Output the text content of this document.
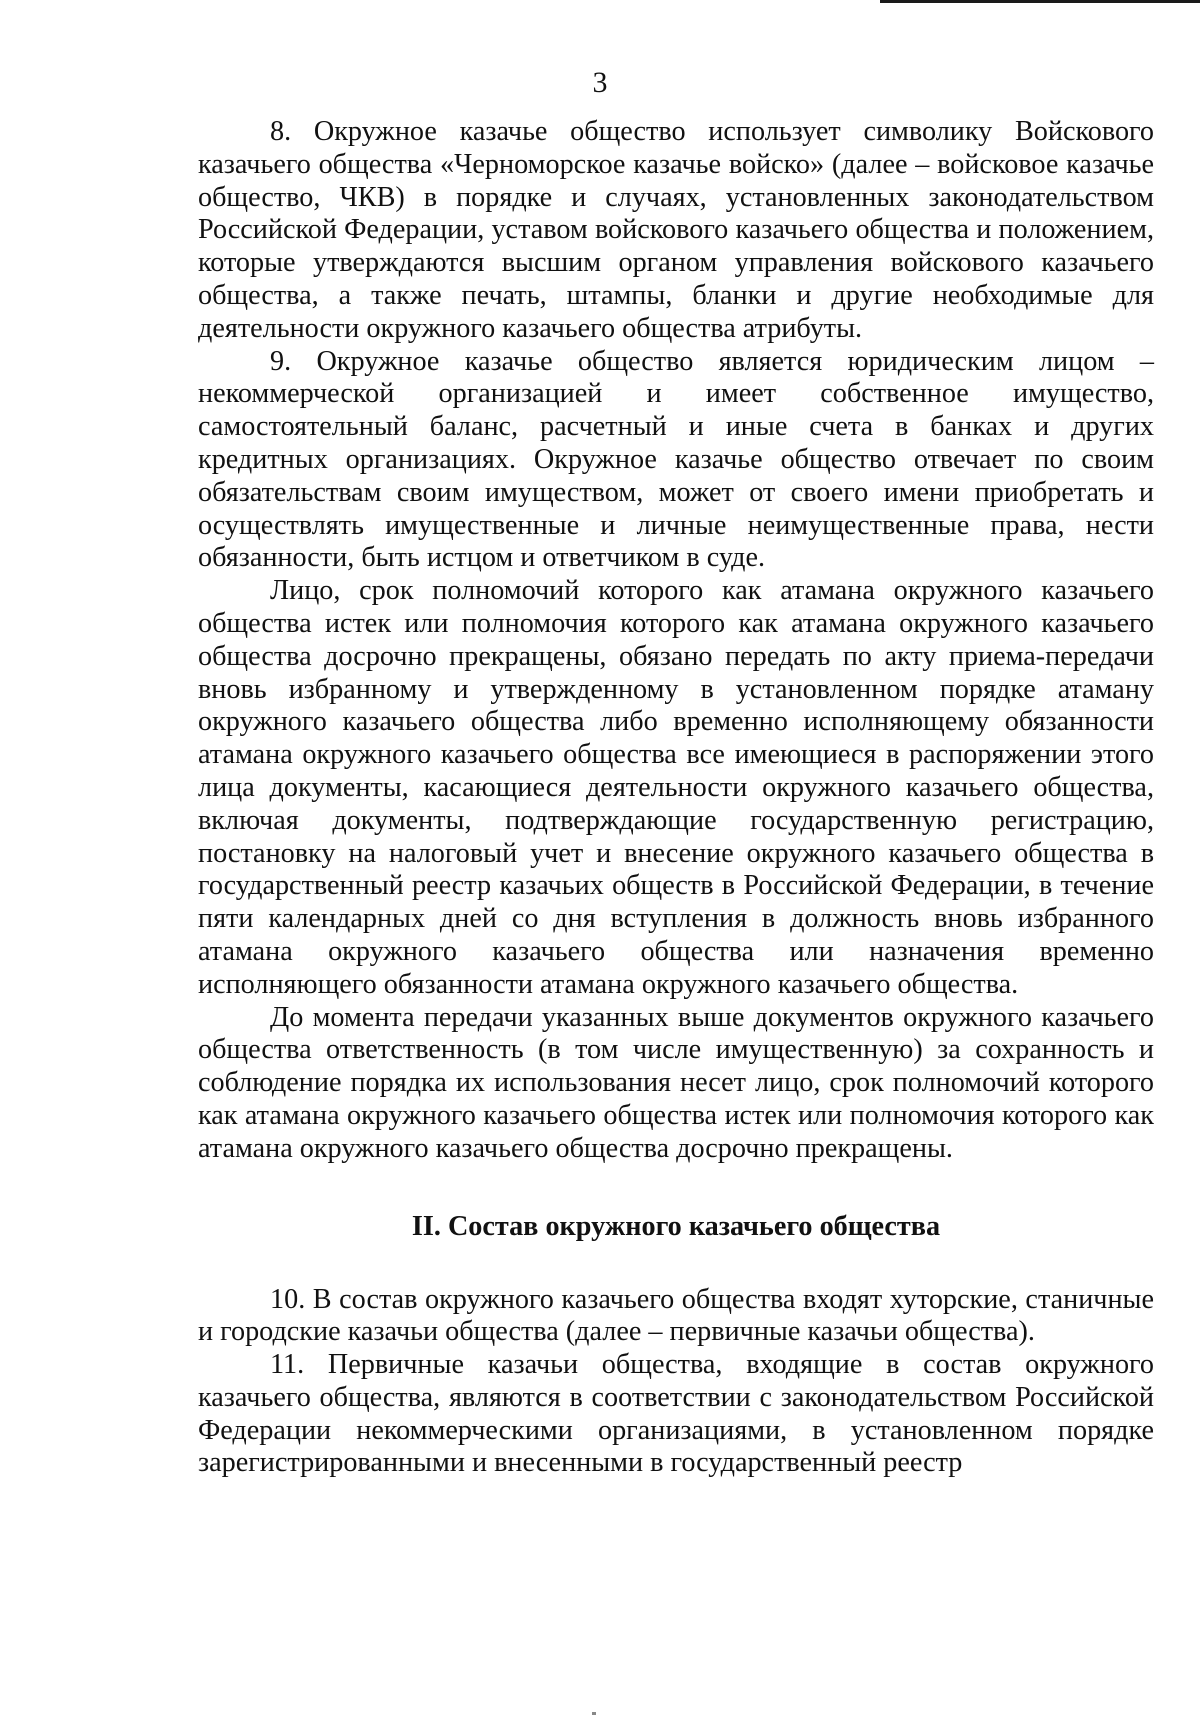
3

8. Окружное казачье общество использует символику Войскового казачьего общества «Черноморское казачье войско» (далее – войсковое казачье общество, ЧКВ) в порядке и случаях, установленных законодательством Российской Федерации, уставом войскового казачьего общества и положением, которые утверждаются высшим органом управления войскового казачьего общества, а также печать, штампы, бланки и другие необходимые для деятельности окружного казачьего общества атрибуты.

9. Окружное казачье общество является юридическим лицом – некоммерческой организацией и имеет собственное имущество, самостоятельный баланс, расчетный и иные счета в банках и других кредитных организациях. Окружное казачье общество отвечает по своим обязательствам своим имуществом, может от своего имени приобретать и осуществлять имущественные и личные неимущественные права, нести обязанности, быть истцом и ответчиком в суде.

Лицо, срок полномочий которого как атамана окружного казачьего общества истек или полномочия которого как атамана окружного казачьего общества досрочно прекращены, обязано передать по акту приема-передачи вновь избранному и утвержденному в установленном порядке атаману окружного казачьего общества либо временно исполняющему обязанности атамана окружного казачьего общества все имеющиеся в распоряжении этого лица документы, касающиеся деятельности окружного казачьего общества, включая документы, подтверждающие государственную регистрацию, постановку на налоговый учет и внесение окружного казачьего общества в государственный реестр казачьих обществ в Российской Федерации, в течение пяти календарных дней со дня вступления в должность вновь избранного атамана окружного казачьего общества или назначения временно исполняющего обязанности атамана окружного казачьего общества.

До момента передачи указанных выше документов окружного казачьего общества ответственность (в том числе имущественную) за сохранность и соблюдение порядка их использования несет лицо, срок полномочий которого как атамана окружного казачьего общества истек или полномочия которого как атамана окружного казачьего общества досрочно прекращены.

II. Состав окружного казачьего общества

10. В состав окружного казачьего общества входят хуторские, станичные и городские казачьи общества (далее – первичные казачьи общества).

11. Первичные казачьи общества, входящие в состав окружного казачьего общества, являются в соответствии с законодательством Российской Федерации некоммерческими организациями, в установленном порядке зарегистрированными и внесенными в государственный реестр
